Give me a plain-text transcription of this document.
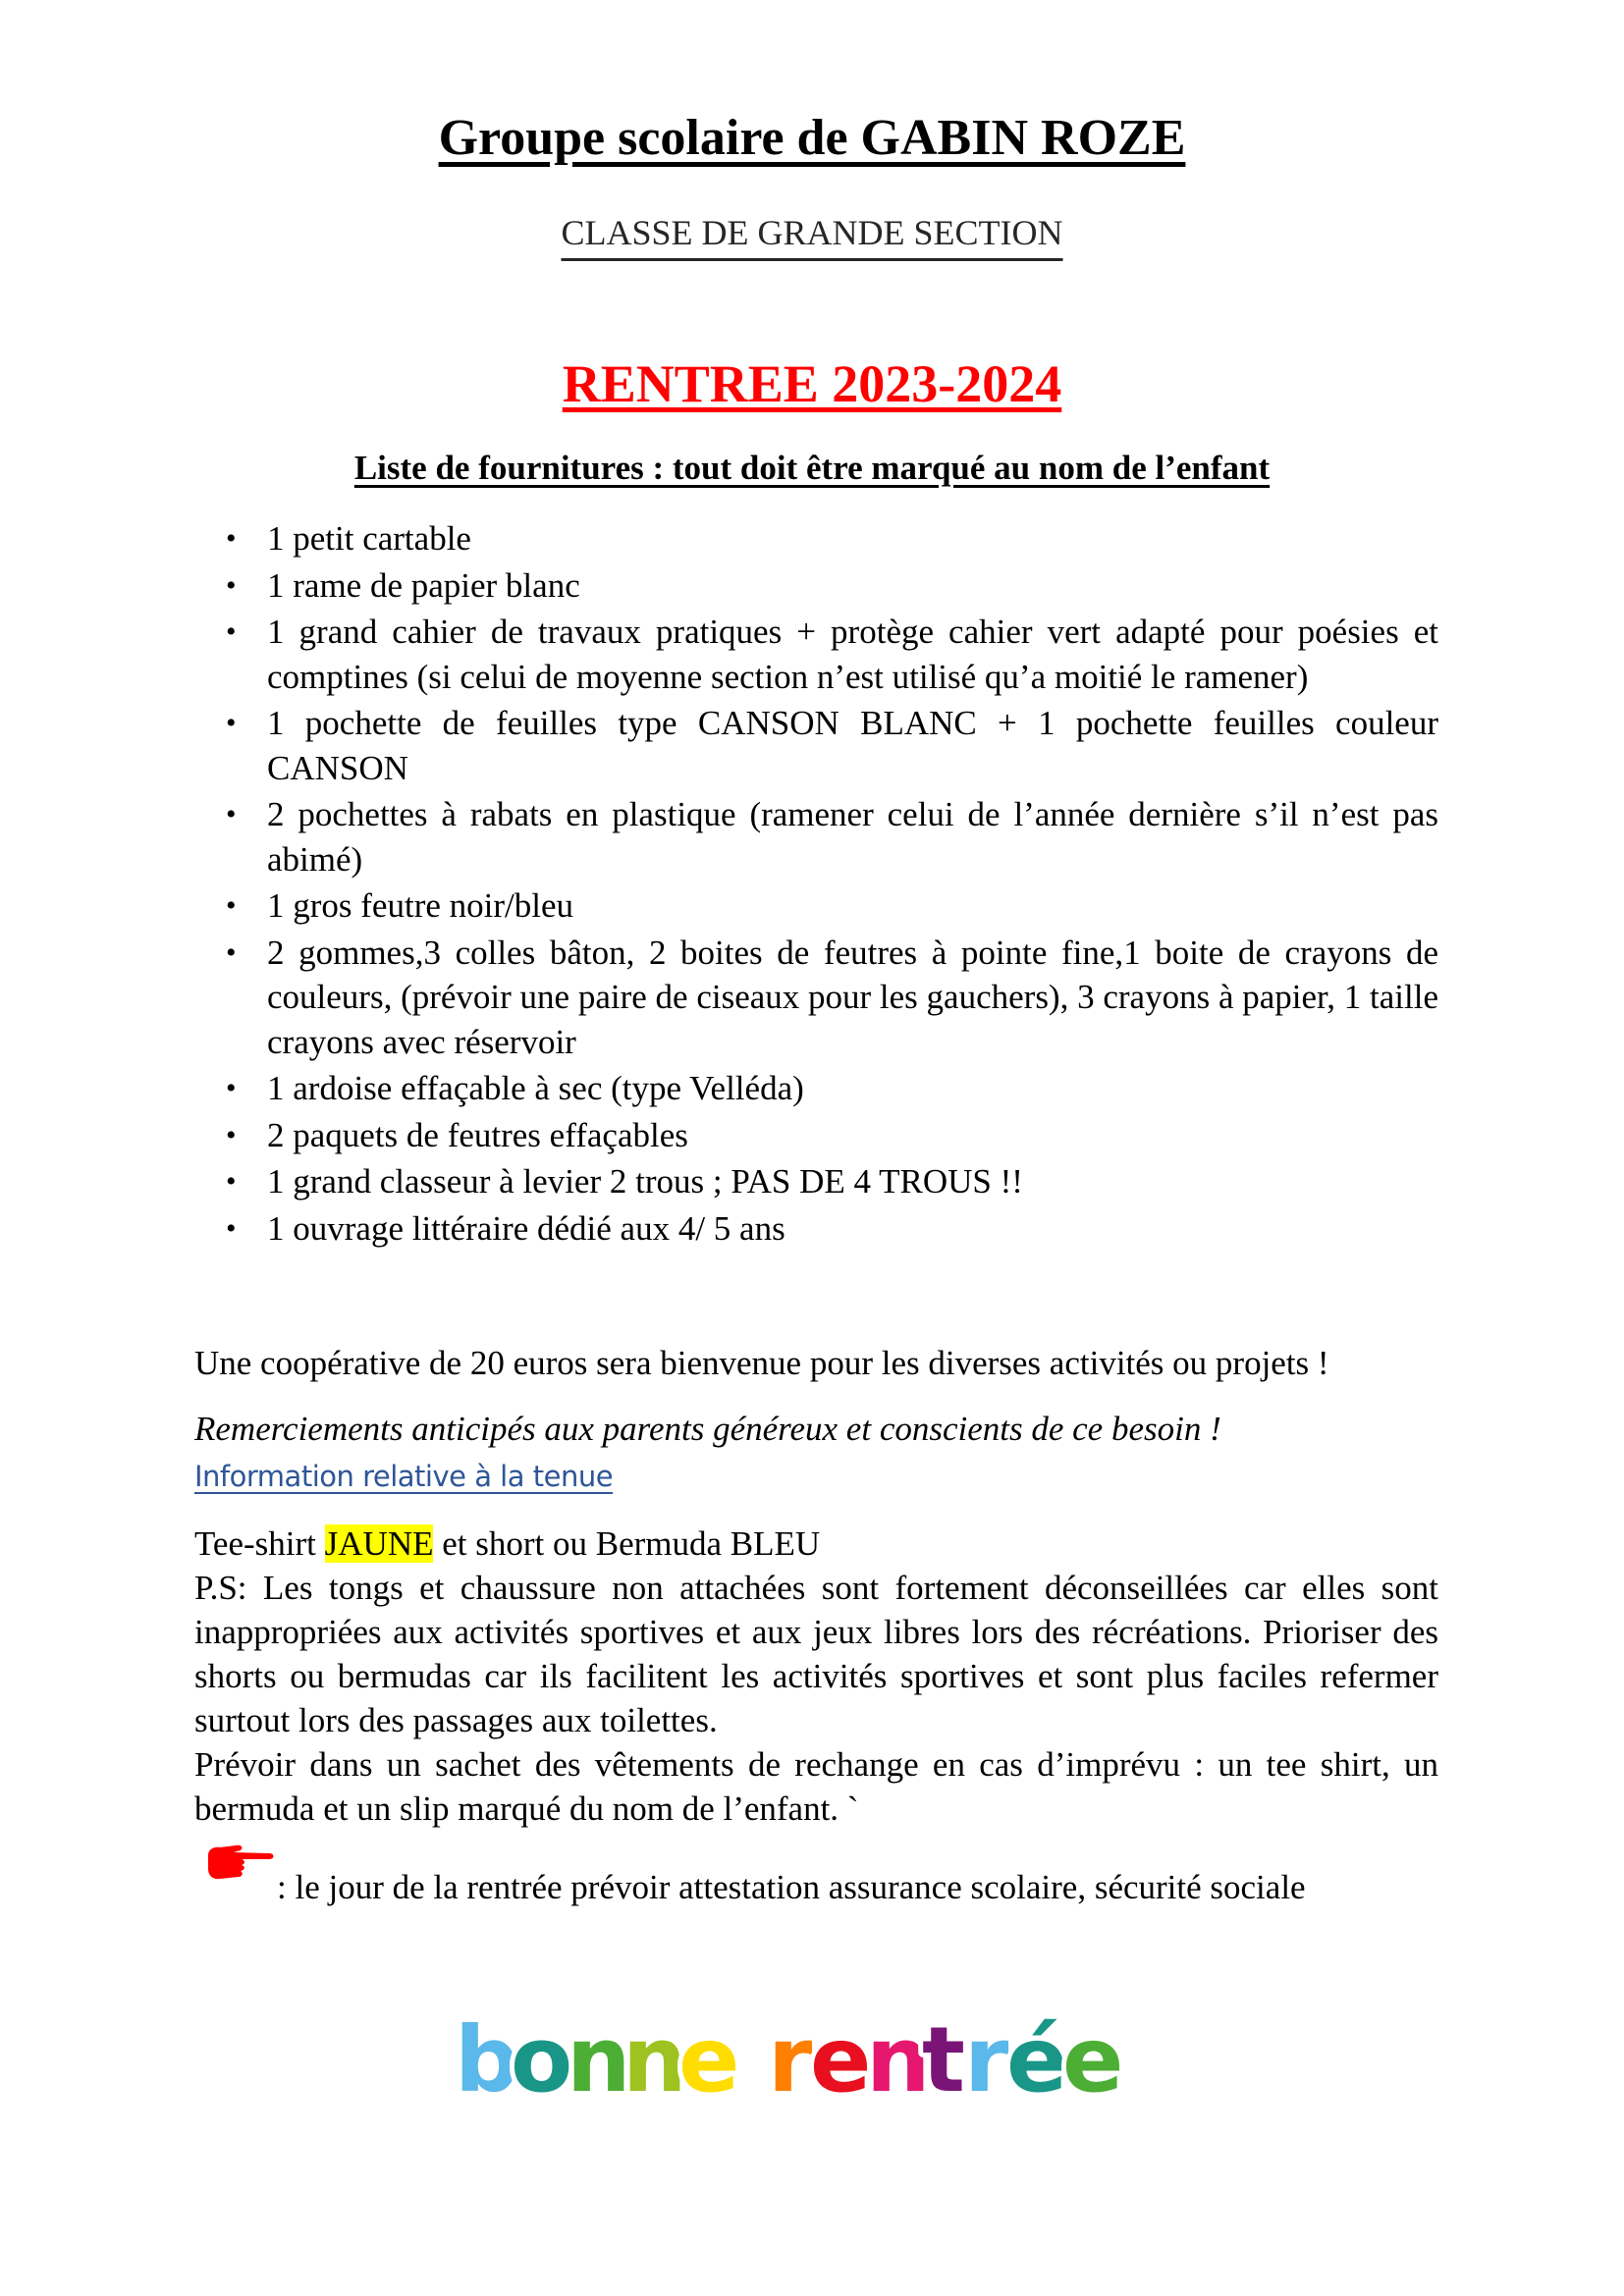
Groupe scolaire de GABIN ROZE
CLASSE DE GRANDE SECTION
RENTREE 2023-2024
Liste de fournitures : tout doit être marqué au nom de l’enfant
• 1 petit cartable
• 1 rame de papier blanc
• 1 grand cahier de travaux pratiques + protège cahier vert adapté pour poésies et comptines (si celui de moyenne section n’est utilisé qu’a moitié le ramener)
• 1 pochette de feuilles type CANSON BLANC + 1 pochette feuilles couleur CANSON
• 2 pochettes à rabats en plastique (ramener celui de l’année dernière s’il n’est pas abimé)
• 1 gros feutre noir/bleu
• 2 gommes,3 colles bâton, 2 boites de feutres à pointe fine,1 boite de crayons de couleurs, (prévoir une paire de ciseaux pour les gauchers), 3 crayons à papier, 1 taille crayons avec réservoir
• 1 ardoise effaçable à sec (type Velléda)
• 2 paquets de feutres effaçables
• 1 grand classeur à levier 2 trous ; PAS DE 4 TROUS !!
• 1 ouvrage littéraire dédié aux 4/ 5 ans
Une coopérative de 20 euros sera bienvenue pour les diverses activités ou projets !
Remerciements anticipés aux parents généreux et conscients de ce besoin !
Information relative à la tenue
Tee-shirt JAUNE et short ou Bermuda BLEU
P.S: Les tongs et chaussure non attachées sont fortement déconseillées car elles sont inappropriées aux activités sportives et aux jeux libres lors des récréations. Prioriser des shorts ou bermudas car ils facilitent les activités sportives et sont plus faciles refermer surtout lors des passages aux toilettes.
Prévoir dans un sachet des vêtements de rechange en cas d’imprévu : un tee shirt, un bermuda et un slip marqué du nom de l’enfant. `
: le jour de la rentrée prévoir attestation assurance scolaire, sécurité sociale
b
o
n
n
e r
e
n
t r
é
e
